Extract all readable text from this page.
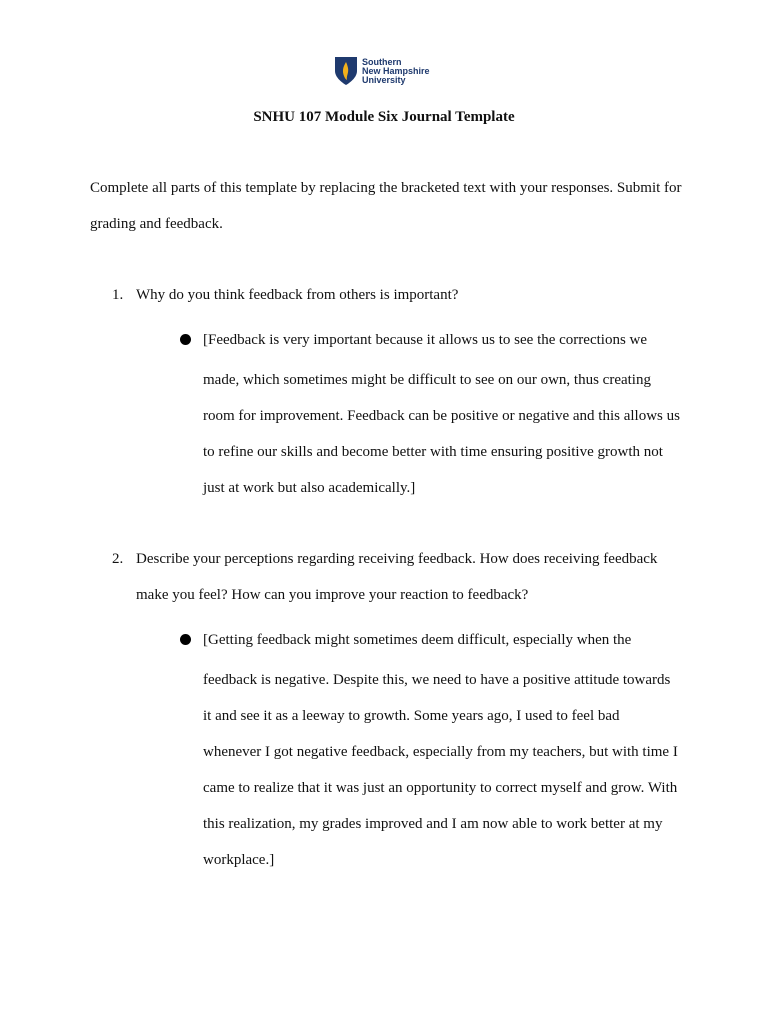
Southern
New Hampshire
University
SNHU 107 Module Six Journal Template
Complete all parts of this template by replacing the bracketed text with your responses. Submit for grading and feedback.
1. Why do you think feedback from others is important?
[Feedback is very important because it allows us to see the corrections we
made, which sometimes might be difficult to see on our own, thus creating room for improvement. Feedback can be positive or negative and this allows us to refine our skills and become better with time ensuring positive growth not just at work but also academically.]
2. Describe your perceptions regarding receiving feedback. How does receiving feedback make you feel? How can you improve your reaction to feedback?
[Getting feedback might sometimes deem difficult, especially when the
feedback is negative. Despite this, we need to have a positive attitude towards it and see it as a leeway to growth. Some years ago, I used to feel bad whenever I got negative feedback, especially from my teachers, but with time I came to realize that it was just an opportunity to correct myself and grow. With this realization, my grades improved and I am now able to work better at my workplace.]
